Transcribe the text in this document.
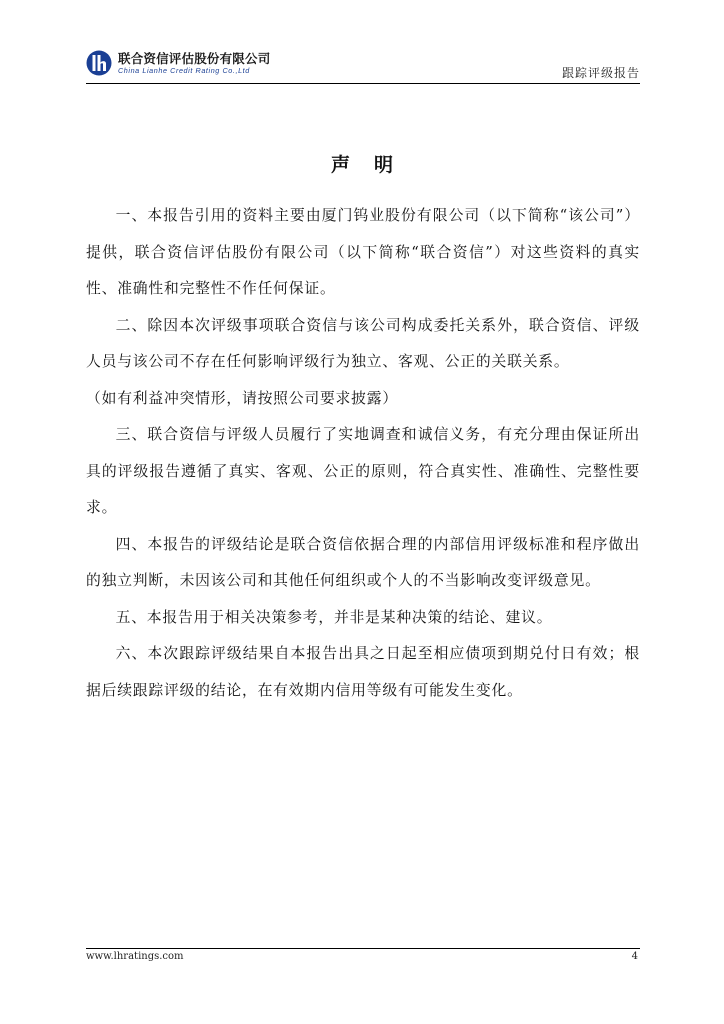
联合资信评估股份有限公司
China Lianhe Credit Rating Co.,Ltd	跟踪评级报告
声明

一、本报告引用的资料主要由厦门钨业股份有限公司（以下简称“该公司”）提供，联合资信评估股份有限公司（以下简称“联合资信”）对这些资料的真实性、准确性和完整性不作任何保证。

二、除因本次评级事项联合资信与该公司构成委托关系外，联合资信、评级人员与该公司不存在任何影响评级行为独立、客观、公正的关联关系。

（如有利益冲突情形，请按照公司要求披露）

三、联合资信与评级人员履行了实地调查和诚信义务，有充分理由保证所出具的评级报告遵循了真实、客观、公正的原则，符合真实性、准确性、完整性要求。

四、本报告的评级结论是联合资信依据合理的内部信用评级标准和程序做出的独立判断，未因该公司和其他任何组织或个人的不当影响改变评级意见。

五、本报告用于相关决策参考，并非是某种决策的结论、建议。

六、本次跟踪评级结果自本报告出具之日起至相应债项到期兑付日有效；根据后续跟踪评级的结论，在有效期内信用等级有可能发生变化。

www.lhratings.com	4
